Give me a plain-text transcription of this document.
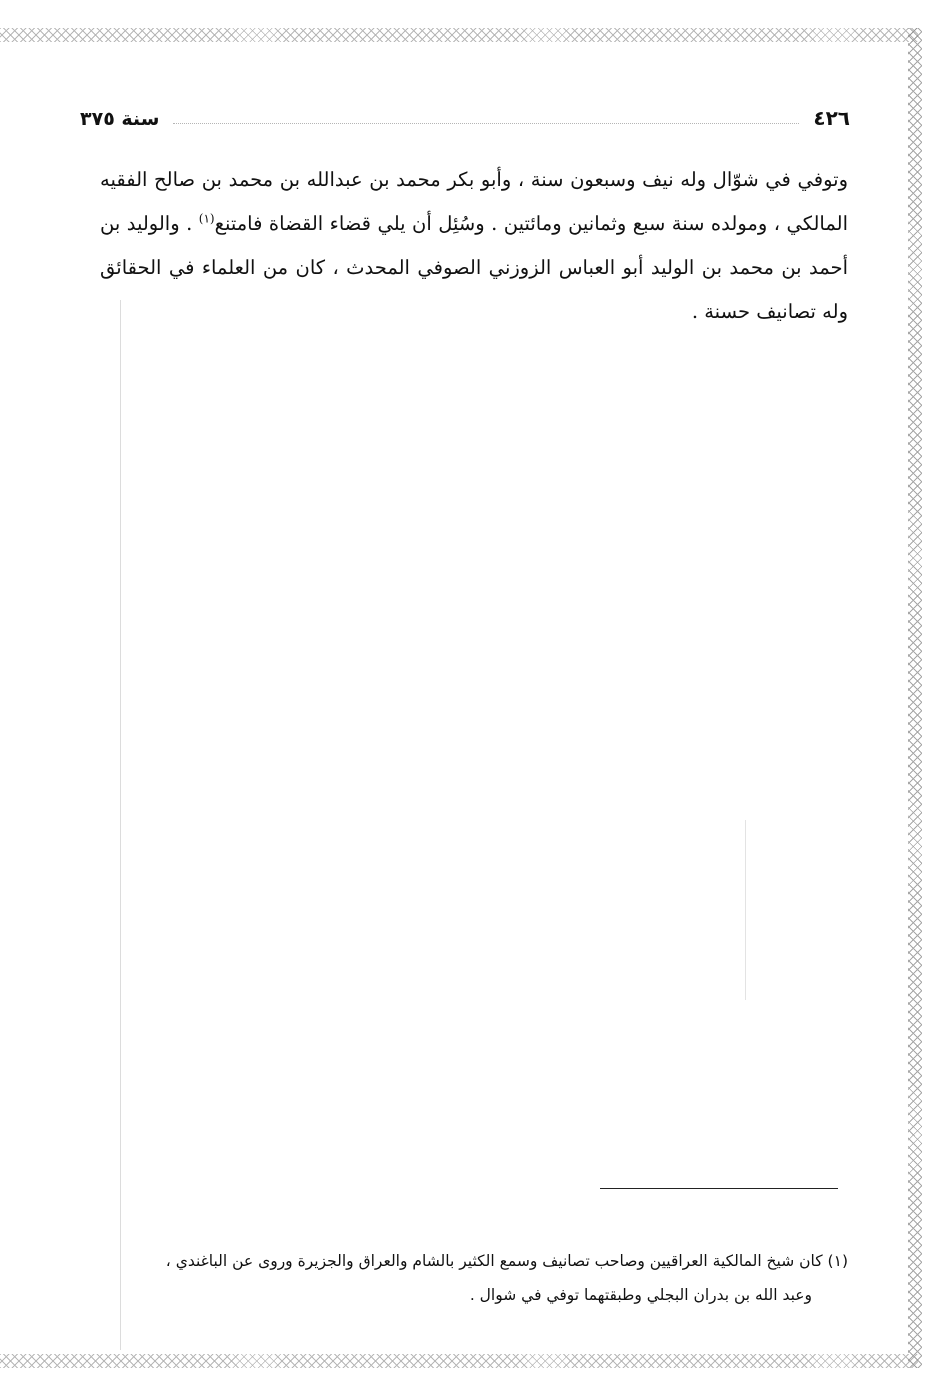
٤٢٦
سنة ٣٧٥
وتوفي في شوّال وله نيف وسبعون سنة ، وأبو بكر محمد بن عبدالله بن محمد بن صالح الفقيه المالكي ، ومولده سنة سبع وثمانين ومائتين . وسُئِل أن يلي قضاء القضاة فامتنع$^{(١)}$ . والوليد بن أحمد بن محمد بن الوليد أبو العباس الزوزني الصوفي المحدث ، كان من العلماء في الحقائق وله تصانيف حسنة .

(١) كان شيخ المالكية العراقيين وصاحب تصانيف وسمع الكثير بالشام والعراق والجزيرة وروى عن الباغندي ،

وعبد الله بن بدران البجلي وطبقتهما توفي في شوال .
